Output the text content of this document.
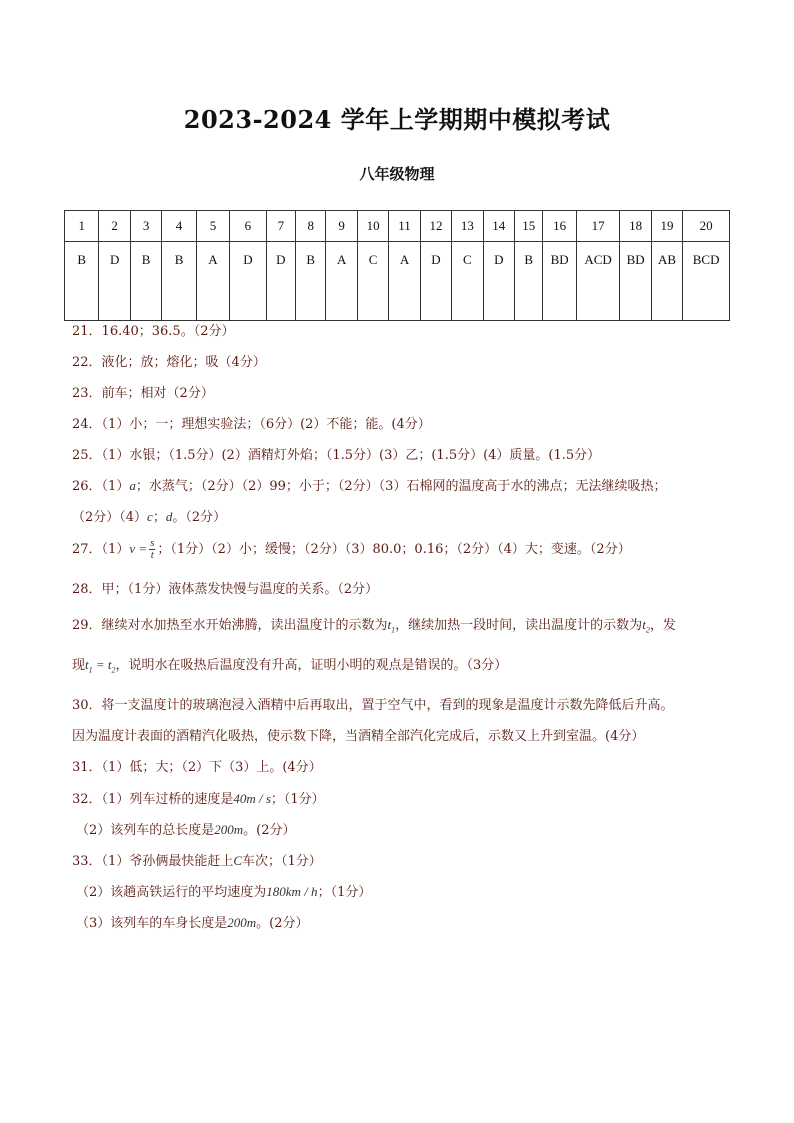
2023-2024 学年上学期期中模拟考试
八年级物理
1	2	3	4	5	6	7	8	9	10	11	12	13	14	15	16	17	18	19	20
B	D	B	B	A	D	D	B	A	C	A	D	C	D	B	BD	ACD	BD	AB	BCD
21．16.40；36.5。（2分）
22．液化；放；熔化；吸（4分）
23．前车；相对（2分）
24．（1）小；一；理想实验法；（6分）(2）不能；能。(4分）
25．（1）水银；（1.5分）(2）酒精灯外焰；（1.5分）(3）乙；(1.5分）(4）质量。(1.5分）
26．（1）a；水蒸气；（2分）（2）99；小于；（2分）（3）石棉网的温度高于水的沸点；无法继续吸热；
（2分）（4）c；d。（2分）
27．$(1)v = \frac{s}{t}$ ；（1分）（2）小；缓慢；（2分）（3）80.0；0.16；（2分）（4）大；变速。（2分）
28．甲；（1分）液体蒸发快慢与温度的关系。（2分）
29．继续对水加热至水开始沸腾，读出温度计的示数为$t_1$，继续加热一段时间，读出温度计的示数为$t_2$，发
现$t_1 = t_2$，说明水在吸热后温度没有升高，证明小明的观点是错误的。（3分）
30．将一支温度计的玻璃泡浸入酒精中后再取出，置于空气中，看到的现象是温度计示数先降低后升高。
因为温度计表面的酒精汽化吸热，使示数下降，当酒精全部汽化完成后，示数又上升到室温。(4分）
31．（1）低；大；（2）下（3）上。(4分）
32．（1）列车过桥的速度是40m / s；（1分）
（2）该列车的总长度是200m。(2分）
33．（1）爷孙俩最快能赶上C车次；（1分）
（2）该趟高铁运行的平均速度为180km / h；（1分）
（3）该列车的车身长度是200m。(2分）
